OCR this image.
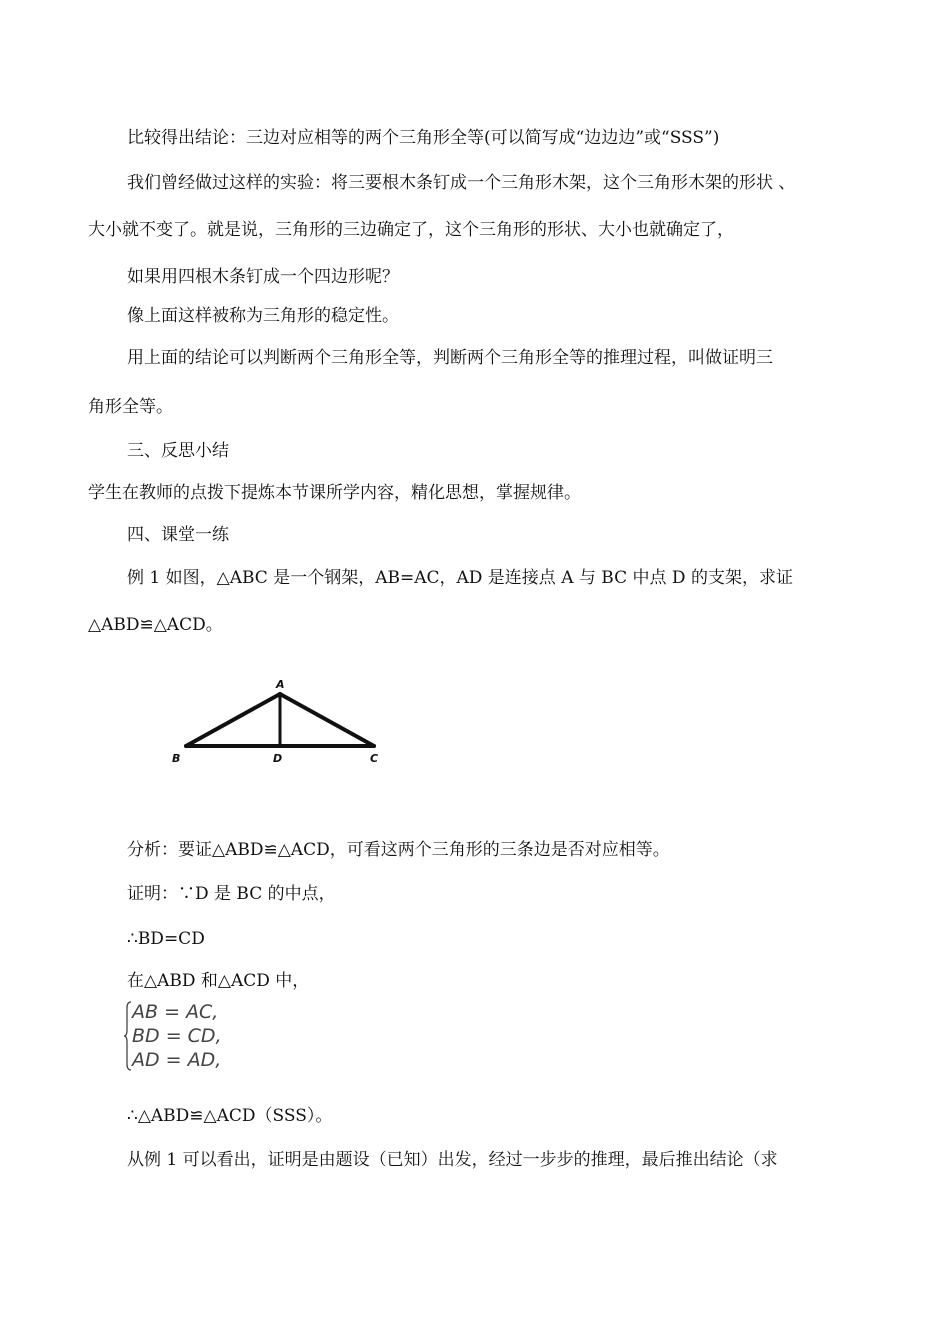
比较得出结论：三边对应相等的两个三角形全等(可以简写成“边边边”或“SSS”)

我们曾经做过这样的实验：将三要根木条钉成一个三角形木架，这个三角形木架的形状 、

大小就不变了。就是说，三角形的三边确定了，这个三角形的形状、大小也就确定了，

如果用四根木条钉成一个四边形呢？

像上面这样被称为三角形的稳定性。

用上面的结论可以判断两个三角形全等，判断两个三角形全等的推理过程，叫做证明三

角形全等。

三、反思小结

学生在教师的点拨下提炼本节课所学内容，精化思想，掌握规律。

四、课堂一练

例 1 如图，△ABC 是一个钢架，AB=AC，AD 是连接点 A 与 BC 中点 D 的支架，求证

△ABD≌△ACD。

A
B	D	C

分析：要证△ABD≌△ACD，可看这两个三角形的三条边是否对应相等。

证明：∵D 是 BC 的中点，

∴BD=CD

在△ABD 和△ACD 中，

AB = AC,
BD = CD,
AD = AD,

∴△ABD≌△ACD（SSS）。

从例 1 可以看出，证明是由题设（已知）出发，经过一步步的推理，最后推出结论（求
